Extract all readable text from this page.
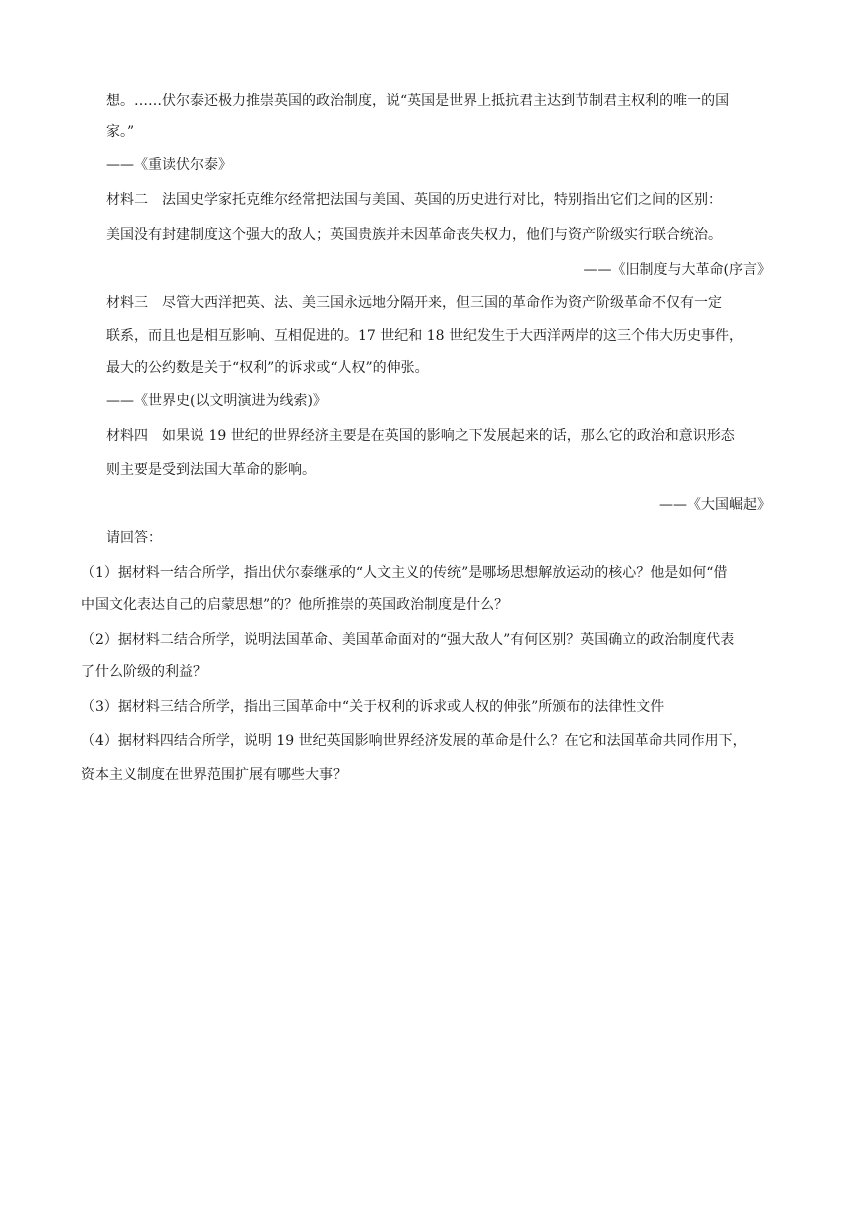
想。……伏尔泰还极力推崇英国的政治制度，说“英国是世界上抵抗君主达到节制君主权利的唯一的国
家。”
——《重读伏尔泰》
材料二　法国史学家托克维尔经常把法国与美国、英国的历史进行对比，特别指出它们之间的区别：
美国没有封建制度这个强大的敌人；英国贵族并未因革命丧失权力，他们与资产阶级实行联合统治。
——《旧制度与大革命(序言》
材料三　尽管大西洋把英、法、美三国永远地分隔开来，但三国的革命作为资产阶级革命不仅有一定
联系，而且也是相互影响、互相促进的。17 世纪和 18 世纪发生于大西洋两岸的这三个伟大历史事件，
最大的公约数是关于“权利”的诉求或“人权”的伸张。
——《世界史(以文明演进为线索)》
材料四　如果说 19 世纪的世界经济主要是在英国的影响之下发展起来的话，那么它的政治和意识形态
则主要是受到法国大革命的影响。
——《大国崛起》
请回答：
（1）据材料一结合所学，指出伏尔泰继承的“人文主义的传统”是哪场思想解放运动的核心？他是如何“借
中国文化表达自己的启蒙思想”的？他所推崇的英国政治制度是什么？
（2）据材料二结合所学，说明法国革命、美国革命面对的“强大敌人”有何区别？英国确立的政治制度代表
了什么阶级的利益？
（3）据材料三结合所学，指出三国革命中“关于权利的诉求或人权的伸张”所颁布的法律性文件
（4）据材料四结合所学，说明 19 世纪英国影响世界经济发展的革命是什么？在它和法国革命共同作用下，
资本主义制度在世界范围扩展有哪些大事？
